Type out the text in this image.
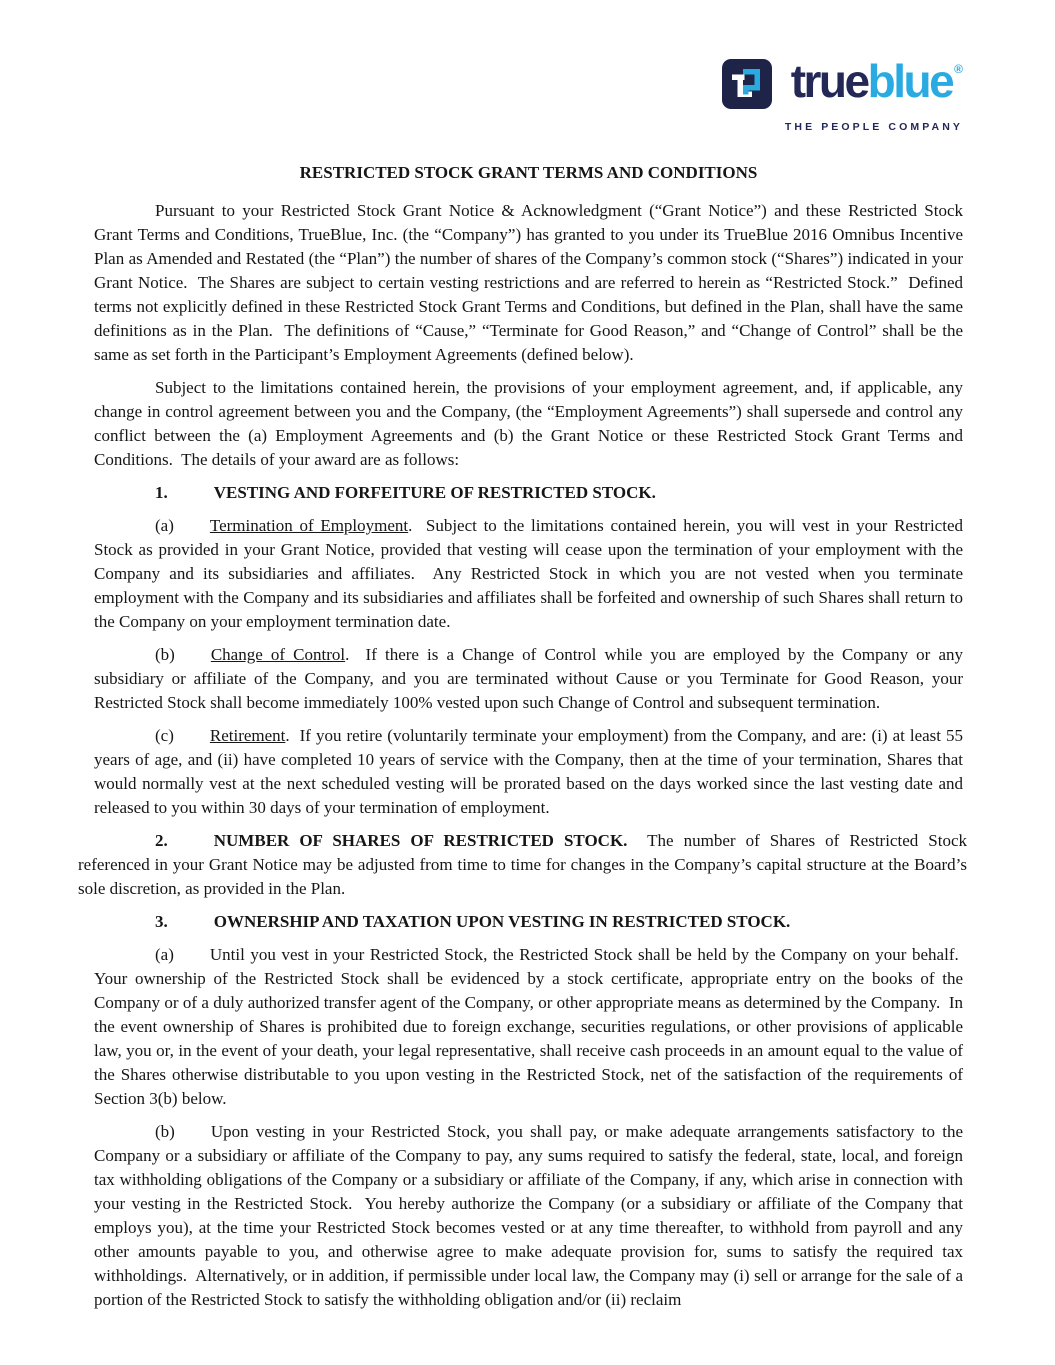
trueblue ®
THE PEOPLE COMPANY
RESTRICTED STOCK GRANT TERMS AND CONDITIONS

Pursuant to your Restricted Stock Grant Notice & Acknowledgment (“Grant Notice”) and these Restricted Stock Grant Terms and Conditions, TrueBlue, Inc. (the “Company”) has granted to you under its TrueBlue 2016 Omnibus Incentive Plan as Amended and Restated (the “Plan”) the number of shares of the Company’s common stock (“Shares”) indicated in your Grant Notice.  The Shares are subject to certain vesting restrictions and are referred to herein as “Restricted Stock.”  Defined terms not explicitly defined in these Restricted Stock Grant Terms and Conditions, but defined in the Plan, shall have the same definitions as in the Plan.  The definitions of “Cause,” “Terminate for Good Reason,” and “Change of Control” shall be the same as set forth in the Participant’s Employment Agreements (defined below).

Subject to the limitations contained herein, the provisions of your employment agreement, and, if applicable, any change in control agreement between you and the Company, (the “Employment Agreements”) shall supersede and control any conflict between the (a) Employment Agreements and (b) the Grant Notice or these Restricted Stock Grant Terms and Conditions.  The details of your award are as follows:

1.	VESTING AND FORFEITURE OF RESTRICTED STOCK.

(a) Termination of Employment.  Subject to the limitations contained herein, you will vest in your Restricted Stock as provided in your Grant Notice, provided that vesting will cease upon the termination of your employment with the Company and its subsidiaries and affiliates.  Any Restricted Stock in which you are not vested when you terminate employment with the Company and its subsidiaries and affiliates shall be forfeited and ownership of such Shares shall return to the Company on your employment termination date.

(b) Change of Control.  If there is a Change of Control while you are employed by the Company or any subsidiary or affiliate of the Company, and you are terminated without Cause or you Terminate for Good Reason, your Restricted Stock shall become immediately 100% vested upon such Change of Control and subsequent termination.

(c) Retirement.  If you retire (voluntarily terminate your employment) from the Company, and are: (i) at least 55 years of age, and (ii) have completed 10 years of service with the Company, then at the time of your termination, Shares that would normally vest at the next scheduled vesting will be prorated based on the days worked since the last vesting date and released to you within 30 days of your termination of employment.

2.	NUMBER OF SHARES OF RESTRICTED STOCK.  The number of Shares of Restricted Stock referenced in your Grant Notice may be adjusted from time to time for changes in the Company’s capital structure at the Board’s sole discretion, as provided in the Plan.

3.	OWNERSHIP AND TAXATION UPON VESTING IN RESTRICTED STOCK.

(a) Until you vest in your Restricted Stock, the Restricted Stock shall be held by the Company on your behalf.  Your ownership of the Restricted Stock shall be evidenced by a stock certificate, appropriate entry on the books of the Company or of a duly authorized transfer agent of the Company, or other appropriate means as determined by the Company.  In the event ownership of Shares is prohibited due to foreign exchange, securities regulations, or other provisions of applicable law, you or, in the event of your death, your legal representative, shall receive cash proceeds in an amount equal to the value of the Shares otherwise distributable to you upon vesting in the Restricted Stock, net of the satisfaction of the requirements of Section 3(b) below.

(b) Upon vesting in your Restricted Stock, you shall pay, or make adequate arrangements satisfactory to the Company or a subsidiary or affiliate of the Company to pay, any sums required to satisfy the federal, state, local, and foreign tax withholding obligations of the Company or a subsidiary or affiliate of the Company, if any, which arise in connection with your vesting in the Restricted Stock.  You hereby authorize the Company (or a subsidiary or affiliate of the Company that employs you), at the time your Restricted Stock becomes vested or at any time thereafter, to withhold from payroll and any other amounts payable to you, and otherwise agree to make adequate provision for, sums to satisfy the required tax withholdings.  Alternatively, or in addition, if permissible under local law, the Company may (i) sell or arrange for the sale of a portion of the Restricted Stock to satisfy the withholding obligation and/or (ii) reclaim
